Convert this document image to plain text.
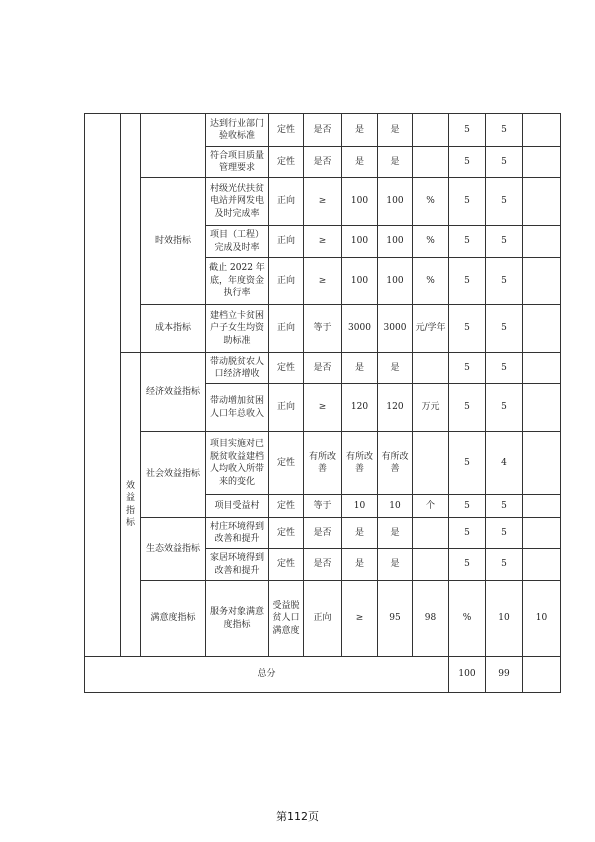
			达到行业部门验收标准	定性	是否	是	是		5	5		
			符合项目质量管理要求	定性	是否	是	是		5	5		
		时效指标	村级光伏扶贫电站并网发电及时完成率	正向	≥	100	100	%	5	5		
			项目（工程）完成及时率	正向	≥	100	100	%	5	5		
			截止 2022 年底，年度资金执行率	正向	≥	100	100	%	5	5		
		成本指标	建档立卡贫困户子女生均资助标准	正向	等于	3000	3000	元/学年	5	5		
	效益指标	经济效益指标	带动脱贫农人口经济增收	定性	是否	是	是		5	5		
			带动增加贫困人口年总收入	正向	≥	120	120	万元	5	5		
		社会效益指标	项目实施对已脱贫收益建档人均收入所带来的变化	定性	有所改善	有所改善	有所改善		5	4		
			项目受益村	定性	等于	10	10	个	5	5		
		生态效益指标	村庄环境得到改善和提升	定性	是否	是	是		5	5		
			家居环境得到改善和提升	定性	是否	是	是		5	5		
		满意度指标	服务对象满意度指标	受益脱贫人口满意度	正向	≥	95	98	%	10	10	
总分									100	99		
第112页
